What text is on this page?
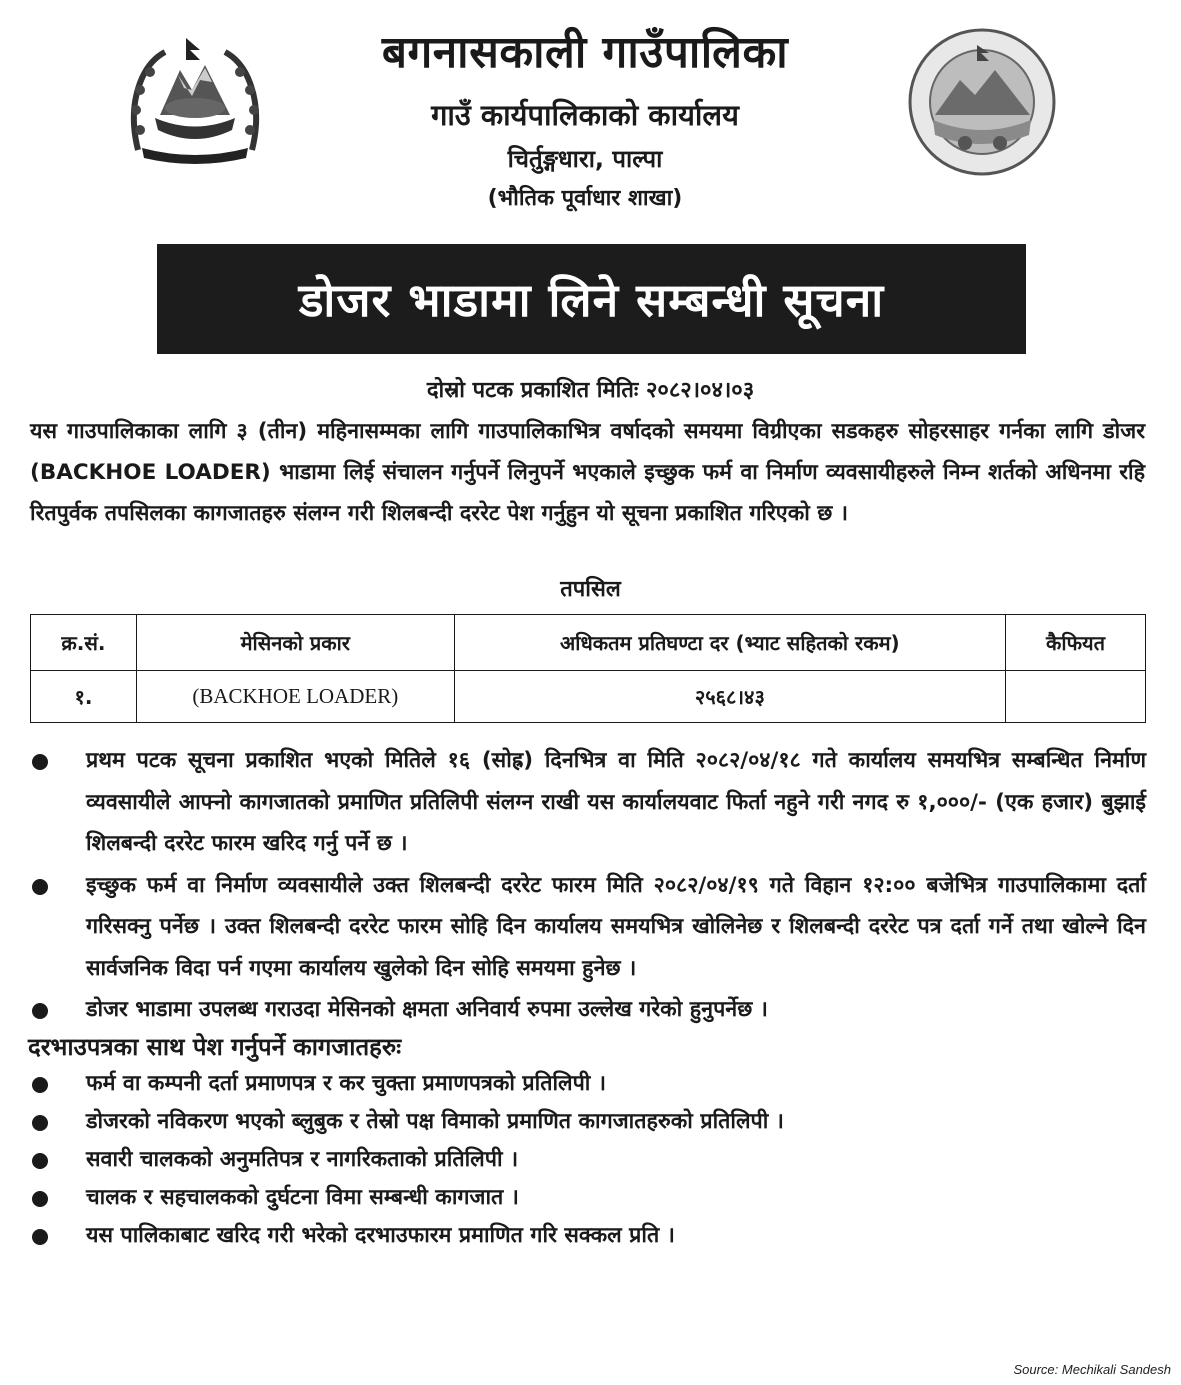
बगनासकाली गाउँपालिका
गाउँ कार्यपालिकाको कार्यालय
चिर्तुङ्गधारा, पाल्पा
(भौतिक पूर्वाधार शाखा)
डोजर भाडामा लिने सम्बन्धी सूचना
दोस्रो पटक प्रकाशित मितिः २०८२।०४।०३
यस गाउपालिकाका लागि ३ (तीन) महिनासम्मका लागि गाउपालिकाभित्र वर्षादको समयमा विग्रीएका सडकहरु सोहरसाहर गर्नका लागि डोजर (BACKHOE LOADER) भाडामा लिई संचालन गर्नुपर्ने लिनुपर्ने भएकाले इच्छुक फर्म वा निर्माण व्यवसायीहरुले निम्न शर्तको अधिनमा रहि रितपुर्वक तपसिलका कागजातहरु संलग्न गरी शिलबन्दी दररेट पेश गर्नुहुन यो सूचना प्रकाशित गरिएको छ ।
तपसिल
क्र.सं.	मेसिनको प्रकार	अधिकतम प्रतिघण्टा दर (भ्याट सहितको रकम)	कैफियत
१.	(BACKHOE LOADER)	२५६८।४३	
प्रथम पटक सूचना प्रकाशित भएको मितिले १६ (सोह्र) दिनभित्र वा मिति २०८२/०४/१८ गते कार्यालय समयभित्र सम्बन्धित निर्माण व्यवसायीले आफ्नो कागजातको प्रमाणित प्रतिलिपी संलग्न राखी यस कार्यालयवाट फिर्ता नहुने गरी नगद रु १,०००/- (एक हजार) बुझाई शिलबन्दी दररेट फारम खरिद गर्नु पर्ने छ ।
इच्छुक फर्म वा निर्माण व्यवसायीले उक्त शिलबन्दी दररेट फारम मिति २०८२/०४/१९ गते विहान १२:०० बजेभित्र गाउपालिकामा दर्ता गरिसक्नु पर्नेछ । उक्त शिलबन्दी दररेट फारम सोहि दिन कार्यालय समयभित्र खोलिनेछ र शिलबन्दी दररेट पत्र दर्ता गर्ने तथा खोल्ने दिन सार्वजनिक विदा पर्न गएमा कार्यालय खुलेको दिन सोहि समयमा हुनेछ ।
डोजर भाडामा उपलब्ध गराउदा मेसिनको क्षमता अनिवार्य रुपमा उल्लेख गरेको हुनुपर्नेछ ।
दरभाउपत्रका साथ पेश गर्नुपर्ने कागजातहरुः
फर्म वा कम्पनी दर्ता प्रमाणपत्र र कर चुक्ता प्रमाणपत्रको प्रतिलिपी ।
डोजरको नविकरण भएको ब्लुबुक र तेस्रो पक्ष विमाको प्रमाणित कागजातहरुको प्रतिलिपी ।
सवारी चालकको अनुमतिपत्र र नागरिकताको प्रतिलिपी ।
चालक र सहचालकको दुर्घटना विमा सम्बन्धी कागजात ।
यस पालिकाबाट खरिद गरी भरेको दरभाउफारम प्रमाणित गरि सक्कल प्रति ।
Source: Mechikali Sandesh
